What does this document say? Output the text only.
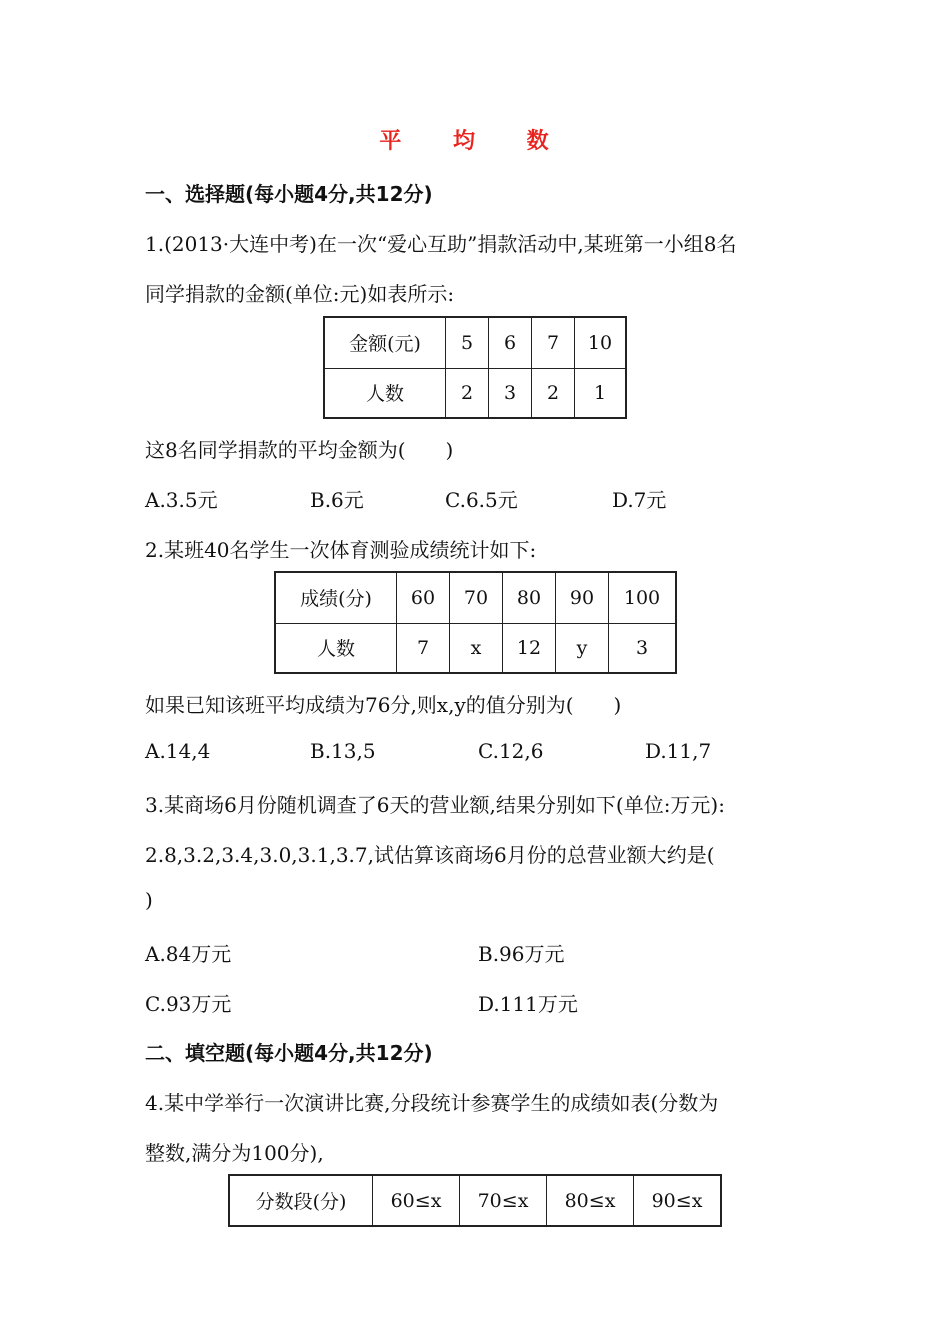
平 均 数
一、选择题(每小题4分,共12分)
1.(2013·大连中考)在一次“爱心互助”捐款活动中,某班第一小组8名
同学捐款的金额(单位:元)如表所示:
金额(元)	5	6	7	10
人数	2	3	2	1
这8名同学捐款的平均金额为(　　)
A.3.5元	B.6元	C.6.5元	D.7元
2.某班40名学生一次体育测验成绩统计如下:
成绩(分)	60	70	80	90	100
人数	7	x	12	y	3
如果已知该班平均成绩为76分,则x,y的值分别为(　　)
A.14,4	B.13,5	C.12,6	D.11,7
3.某商场6月份随机调查了6天的营业额,结果分别如下(单位:万元):
2.8,3.2,3.4,3.0,3.1,3.7,试估算该商场6月份的总营业额大约是(
)
A.84万元	B.96万元
C.93万元	D.111万元
二、填空题(每小题4分,共12分)
4.某中学举行一次演讲比赛,分段统计参赛学生的成绩如表(分数为
整数,满分为100分),
分数段(分)	60≤x	70≤x	80≤x	90≤x
